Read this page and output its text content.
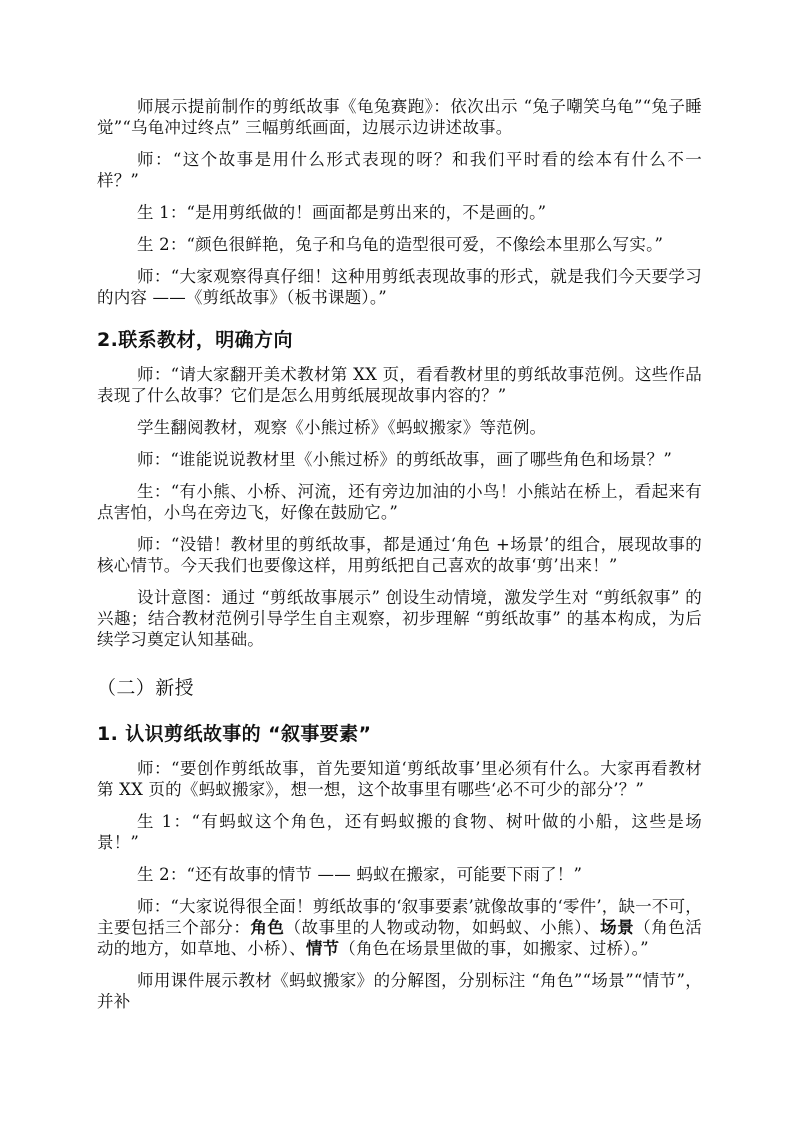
师展示提前制作的剪纸故事《龟兔赛跑》：依次出示 “兔子嘲笑乌龟”“兔子睡觉”“乌龟冲过终点” 三幅剪纸画面，边展示边讲述故事。

师：“这个故事是用什么形式表现的呀？和我们平时看的绘本有什么不一样？”

生 1：“是用剪纸做的！画面都是剪出来的，不是画的。”

生 2：“颜色很鲜艳，兔子和乌龟的造型很可爱，不像绘本里那么写实。”

师：“大家观察得真仔细！这种用剪纸表现故事的形式，就是我们今天要学习的内容 ——《剪纸故事》（板书课题）。”

2.联系教材，明确方向

师：“请大家翻开美术教材第 XX 页，看看教材里的剪纸故事范例。这些作品表现了什么故事？它们是怎么用剪纸展现故事内容的？”

学生翻阅教材，观察《小熊过桥》《蚂蚁搬家》等范例。

师：“谁能说说教材里《小熊过桥》的剪纸故事，画了哪些角色和场景？”

生：“有小熊、小桥、河流，还有旁边加油的小鸟！小熊站在桥上，看起来有点害怕，小鸟在旁边飞，好像在鼓励它。”

师：“没错！教材里的剪纸故事，都是通过‘角色 +场景’的组合，展现故事的核心情节。今天我们也要像这样，用剪纸把自己喜欢的故事‘剪’出来！”

设计意图：通过 “剪纸故事展示” 创设生动情境，激发学生对 “剪纸叙事” 的兴趣；结合教材范例引导学生自主观察，初步理解 “剪纸故事” 的基本构成，为后续学习奠定认知基础。

（二）新授
1. 认识剪纸故事的 “叙事要素”

师：“要创作剪纸故事，首先要知道‘剪纸故事’里必须有什么。大家再看教材第 XX 页的《蚂蚁搬家》，想一想，这个故事里有哪些‘必不可少的部分’？”

生 1：“有蚂蚁这个角色，还有蚂蚁搬的食物、树叶做的小船，这些是场景！”

生 2：“还有故事的情节 —— 蚂蚁在搬家，可能要下雨了！”

师：“大家说得很全面！剪纸故事的‘叙事要素’就像故事的‘零件’，缺一不可，主要包括三个部分：角色（故事里的人物或动物，如蚂蚁、小熊）、场景（角色活动的地方，如草地、小桥）、情节（角色在场景里做的事，如搬家、过桥）。”

师用课件展示教材《蚂蚁搬家》的分解图，分别标注 “角色”“场景”“情节”，并补
